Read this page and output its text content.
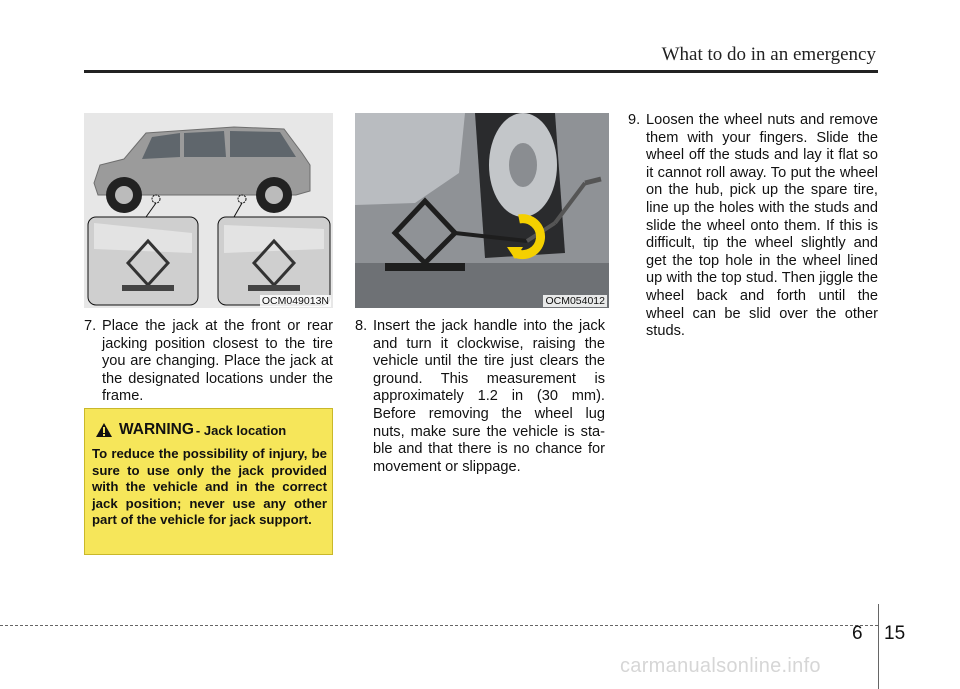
What to do in an emergency
OCM049013N	OCM054012
7. Place the jack at the front or rear jacking position closest to the tire you are changing. Place the jack at the designated locations under the frame.
8. Insert the jack handle into the jack and turn it clockwise, raising the vehicle until the tire just clears the ground. This measurement is approximately 1.2 in (30 mm). Before removing the wheel lug nuts, make sure the vehicle is sta-ble and that there is no chance for movement or slippage.
9. Loosen the wheel nuts and remove them with your fingers. Slide the wheel off the studs and lay it flat so it cannot roll away. To put the wheel on the hub, pick up the spare tire, line up the holes with the studs and slide the wheel onto them. If this is difficult, tip the wheel slightly and get the top hole in the wheel lined up with the top stud. Then jiggle the wheel back and forth until the wheel can be slid over the other studs.
WARNING - Jack location
To reduce the possibility of injury, be sure to use only the jack provided with the vehicle and in the correct jack position; never use any other part of the vehicle for jack support.
6 15
carmanualsonline.info
